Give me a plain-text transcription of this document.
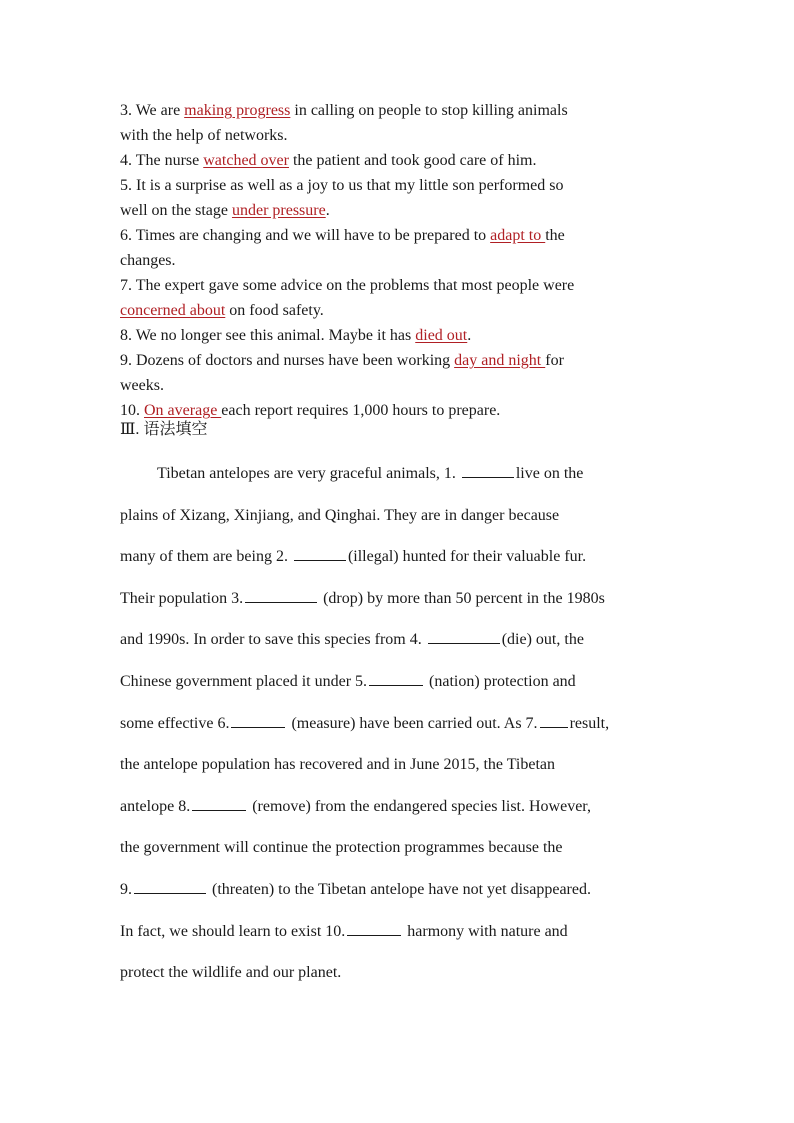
3. We are making progress in calling on people to stop killing animals
with the help of networks.
4. The nurse watched over the patient and took good care of him.
5. It is a surprise as well as a joy to us that my little son performed so
well on the stage under pressure.
6. Times are changing and we will have to be prepared to adapt to the
changes.
7. The expert gave some advice on the problems that most people were
concerned about on food safety.
8. We no longer see this animal. Maybe it has died out.
9. Dozens of doctors and nurses have been working day and night for
weeks.
10. On average each report requires 1,000 hours to prepare.
Ⅲ. 语法填空
Tibetan antelopes are very graceful animals, 1.	live on the
plains of Xizang, Xinjiang, and Qinghai. They are in danger because
many of them are being 2.	(illegal) hunted for their valuable fur.
Their population 3.	(drop) by more than 50 percent in the 1980s
and 1990s. In order to save this species from 4.	(die) out, the
Chinese government placed it under 5.	(nation) protection and
some effective 6.	(measure) have been carried out. As 7. result,
the antelope population has recovered and in June 2015, the Tibetan
antelope 8.	(remove) from the endangered species list. However,
the government will continue the protection programmes because the
9.	(threaten) to the Tibetan antelope have not yet disappeared.
In fact, we should learn to exist 10.	harmony with nature and
protect the wildlife and our planet.
